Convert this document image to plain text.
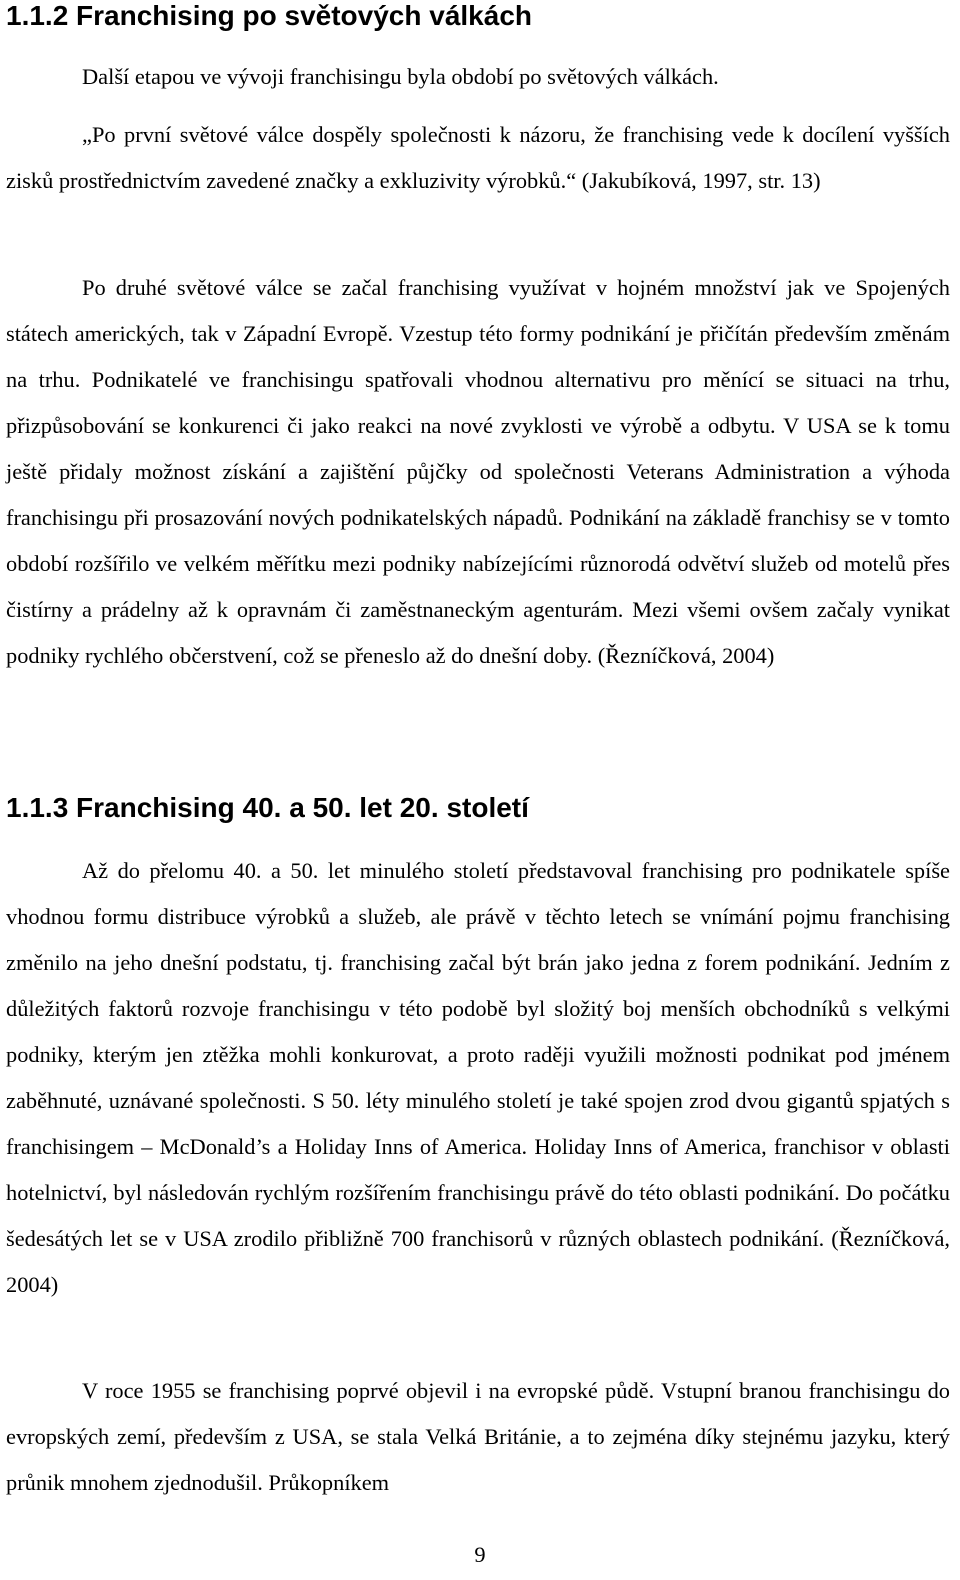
1.1.2 Franchising po světových válkách

Další etapou ve vývoji franchisingu byla období po světových válkách.

„Po první světové válce dospěly společnosti k názoru, že franchising vede k docílení vyšších zisků prostřednictvím zavedené značky a exkluzivity výrobků.“ (Jakubíková, 1997, str. 13)

Po druhé světové válce se začal franchising využívat v hojném množství jak ve Spojených státech amerických, tak v Západní Evropě. Vzestup této formy podnikání je přičítán především změnám na trhu. Podnikatelé ve franchisingu spatřovali vhodnou alternativu pro měnící se situaci na trhu, přizpůsobování se konkurenci či jako reakci na nové zvyklosti ve výrobě a odbytu. V USA se k tomu ještě přidaly možnost získání a zajištění půjčky od společnosti Veterans Administration a výhoda franchisingu při prosazování nových podnikatelských nápadů. Podnikání na základě franchisy se v tomto období rozšířilo ve velkém měřítku mezi podniky nabízejícími různorodá odvětví služeb od motelů přes čistírny a prádelny až k opravnám či zaměstnaneckým agenturám. Mezi všemi ovšem začaly vynikat podniky rychlého občerstvení, což se přeneslo až do dnešní doby. (Řezníčková, 2004)

1.1.3 Franchising 40. a 50. let 20. století

Až do přelomu 40. a 50. let minulého století představoval franchising pro podnikatele spíše vhodnou formu distribuce výrobků a služeb, ale právě v těchto letech se vnímání pojmu franchising změnilo na jeho dnešní podstatu, tj. franchising začal být brán jako jedna z forem podnikání. Jedním z důležitých faktorů rozvoje franchisingu v této podobě byl složitý boj menších obchodníků s velkými podniky, kterým jen ztěžka mohli konkurovat, a proto raději využili možnosti podnikat pod jménem zaběhnuté, uznávané společnosti. S 50. léty minulého století je také spojen zrod dvou gigantů spjatých s franchisingem – McDonald’s a Holiday Inns of America. Holiday Inns of America, franchisor v oblasti hotelnictví, byl následován rychlým rozšířením franchisingu právě do této oblasti podnikání. Do počátku šedesátých let se v USA zrodilo přibližně 700 franchisorů v různých oblastech podnikání. (Řezníčková, 2004)

V roce 1955 se franchising poprvé objevil i na evropské půdě. Vstupní branou franchisingu do evropských zemí, především z USA, se stala Velká Británie, a to zejména díky stejnému jazyku, který průnik mnohem zjednodušil. Průkopníkem

9
